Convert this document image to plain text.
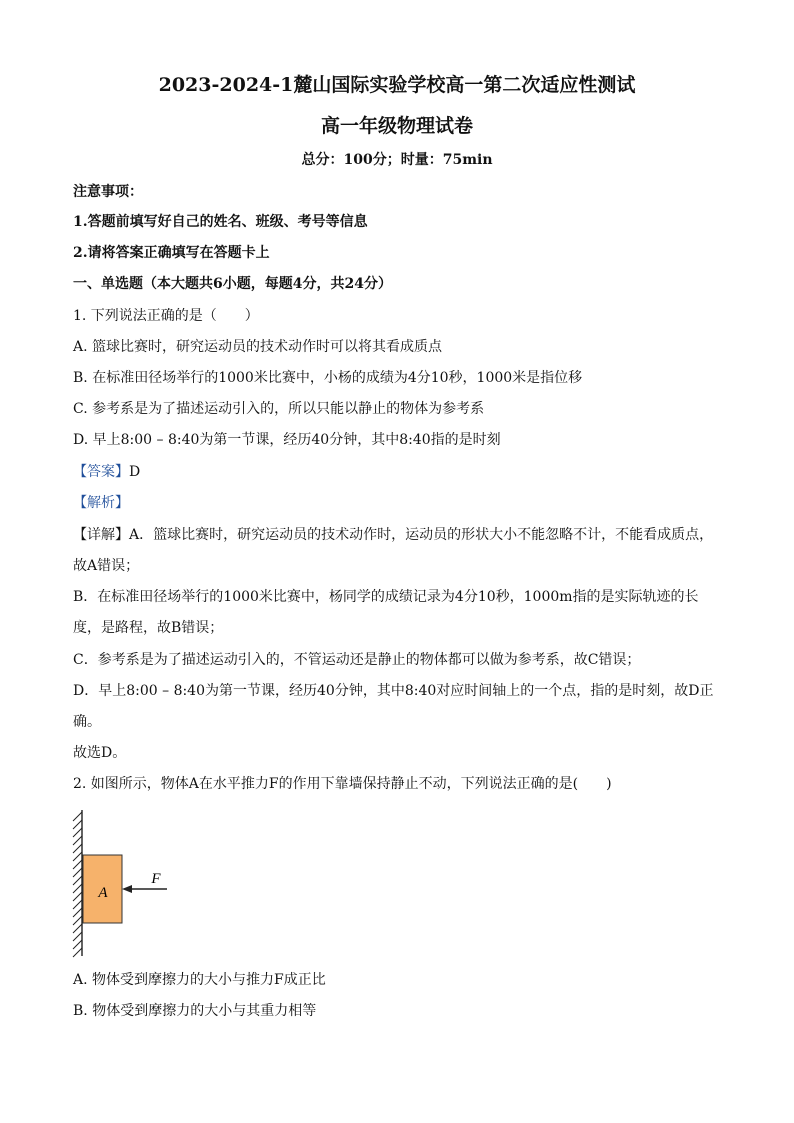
2023-2024-1麓山国际实验学校高一第二次适应性测试
高一年级物理试卷
总分：100分；时量：75min
注意事项：
1.答题前填写好自己的姓名、班级、考号等信息
2.请将答案正确填写在答题卡上
一、单选题（本大题共6小题，每题4分，共24分）
1. 下列说法正确的是（　　）
A. 篮球比赛时，研究运动员的技术动作时可以将其看成质点
B. 在标准田径场举行的1000米比赛中，小杨的成绩为4分10秒，1000米是指位移
C. 参考系是为了描述运动引入的，所以只能以静止的物体为参考系
D. 早上8:00 – 8:40为第一节课，经历40分钟，其中8:40指的是时刻
【答案】D
【解析】
【详解】A．篮球比赛时，研究运动员的技术动作时，运动员的形状大小不能忽略不计，不能看成质点，
故A错误；
B．在标准田径场举行的1000米比赛中，杨同学的成绩记录为4分10秒，1000m指的是实际轨迹的长
度，是路程，故B错误；
C．参考系是为了描述运动引入的，不管运动还是静止的物体都可以做为参考系，故C错误；
D．早上8:00 – 8:40为第一节课，经历40分钟，其中8:40对应时间轴上的一个点，指的是时刻，故D正
确。
故选D。
2. 如图所示，物体A在水平推力F的作用下靠墙保持静止不动，下列说法正确的是(　　)
A
F
A. 物体受到摩擦力的大小与推力F成正比
B. 物体受到摩擦力的大小与其重力相等
